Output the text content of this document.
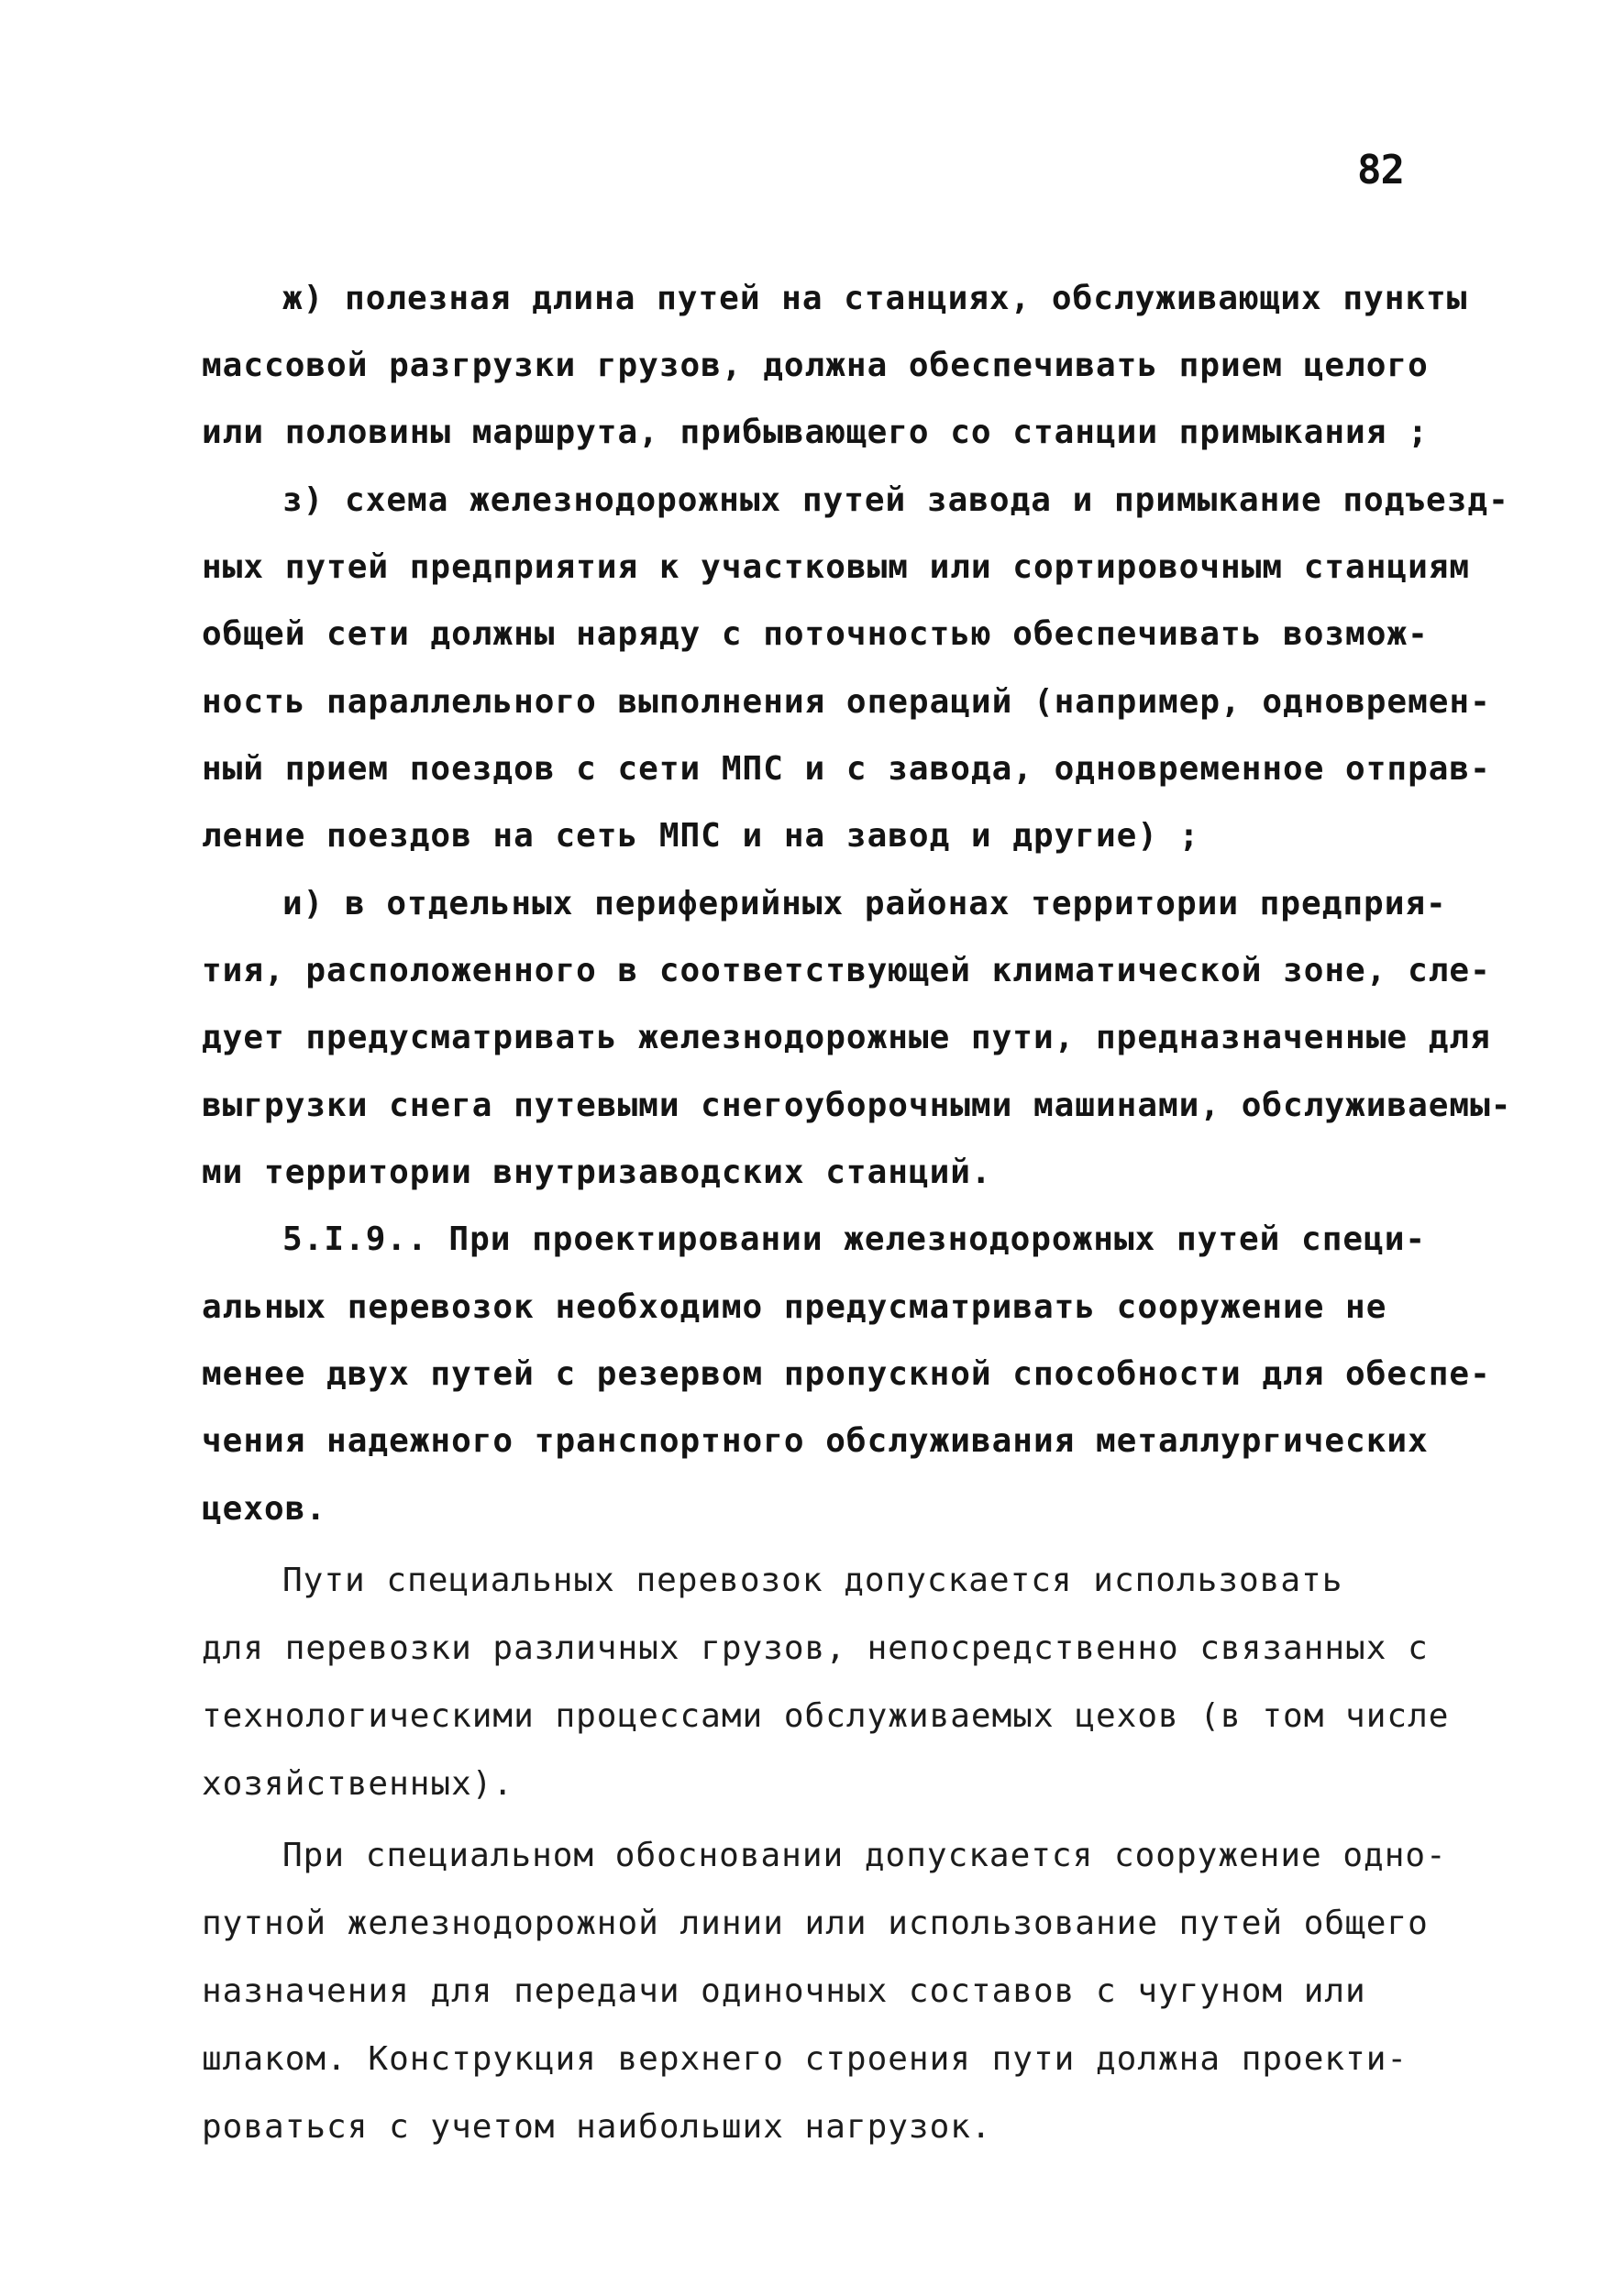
82
ж) полезная длина путей на станциях, обслуживающих пункты
массовой разгрузки грузов, должна обеспечивать прием целого
или половины маршрута, прибывающего со станции примыкания ;
з) схема железнодорожных путей завода и примыкание подъезд-
ных путей предприятия к участковым или сортировочным станциям
общей сети должны наряду с поточностью обеспечивать возмож-
ность параллельного выполнения операций (например, одновремен-
ный прием поездов с сети МПС и с завода, одновременное отправ-
ление поездов на сеть МПС и на завод и другие) ;
и) в отдельных периферийных районах территории предприя-
тия, расположенного в соответствующей климатической зоне, сле-
дует предусматривать железнодорожные пути, предназначенные для
выгрузки снега путевыми снегоуборочными машинами, обслуживаемы-
ми территории внутризаводских станций.
5.I.9.. При проектировании железнодорожных путей специ-
альных перевозок необходимо предусматривать сооружение не
менее двух путей с резервом пропускной способности для обеспе-
чения надежного транспортного обслуживания металлургических
цехов.
Пути специальных перевозок допускается использовать
для перевозки различных грузов, непосредственно связанных с
технологическими процессами обслуживаемых цехов (в том числе
хозяйственных).
При специальном обосновании допускается сооружение одно-
путной железнодорожной линии или использование путей общего
назначения для передачи одиночных составов с чугуном или
шлаком. Конструкция верхнего строения пути должна проекти-
роваться с учетом наибольших нагрузок.
